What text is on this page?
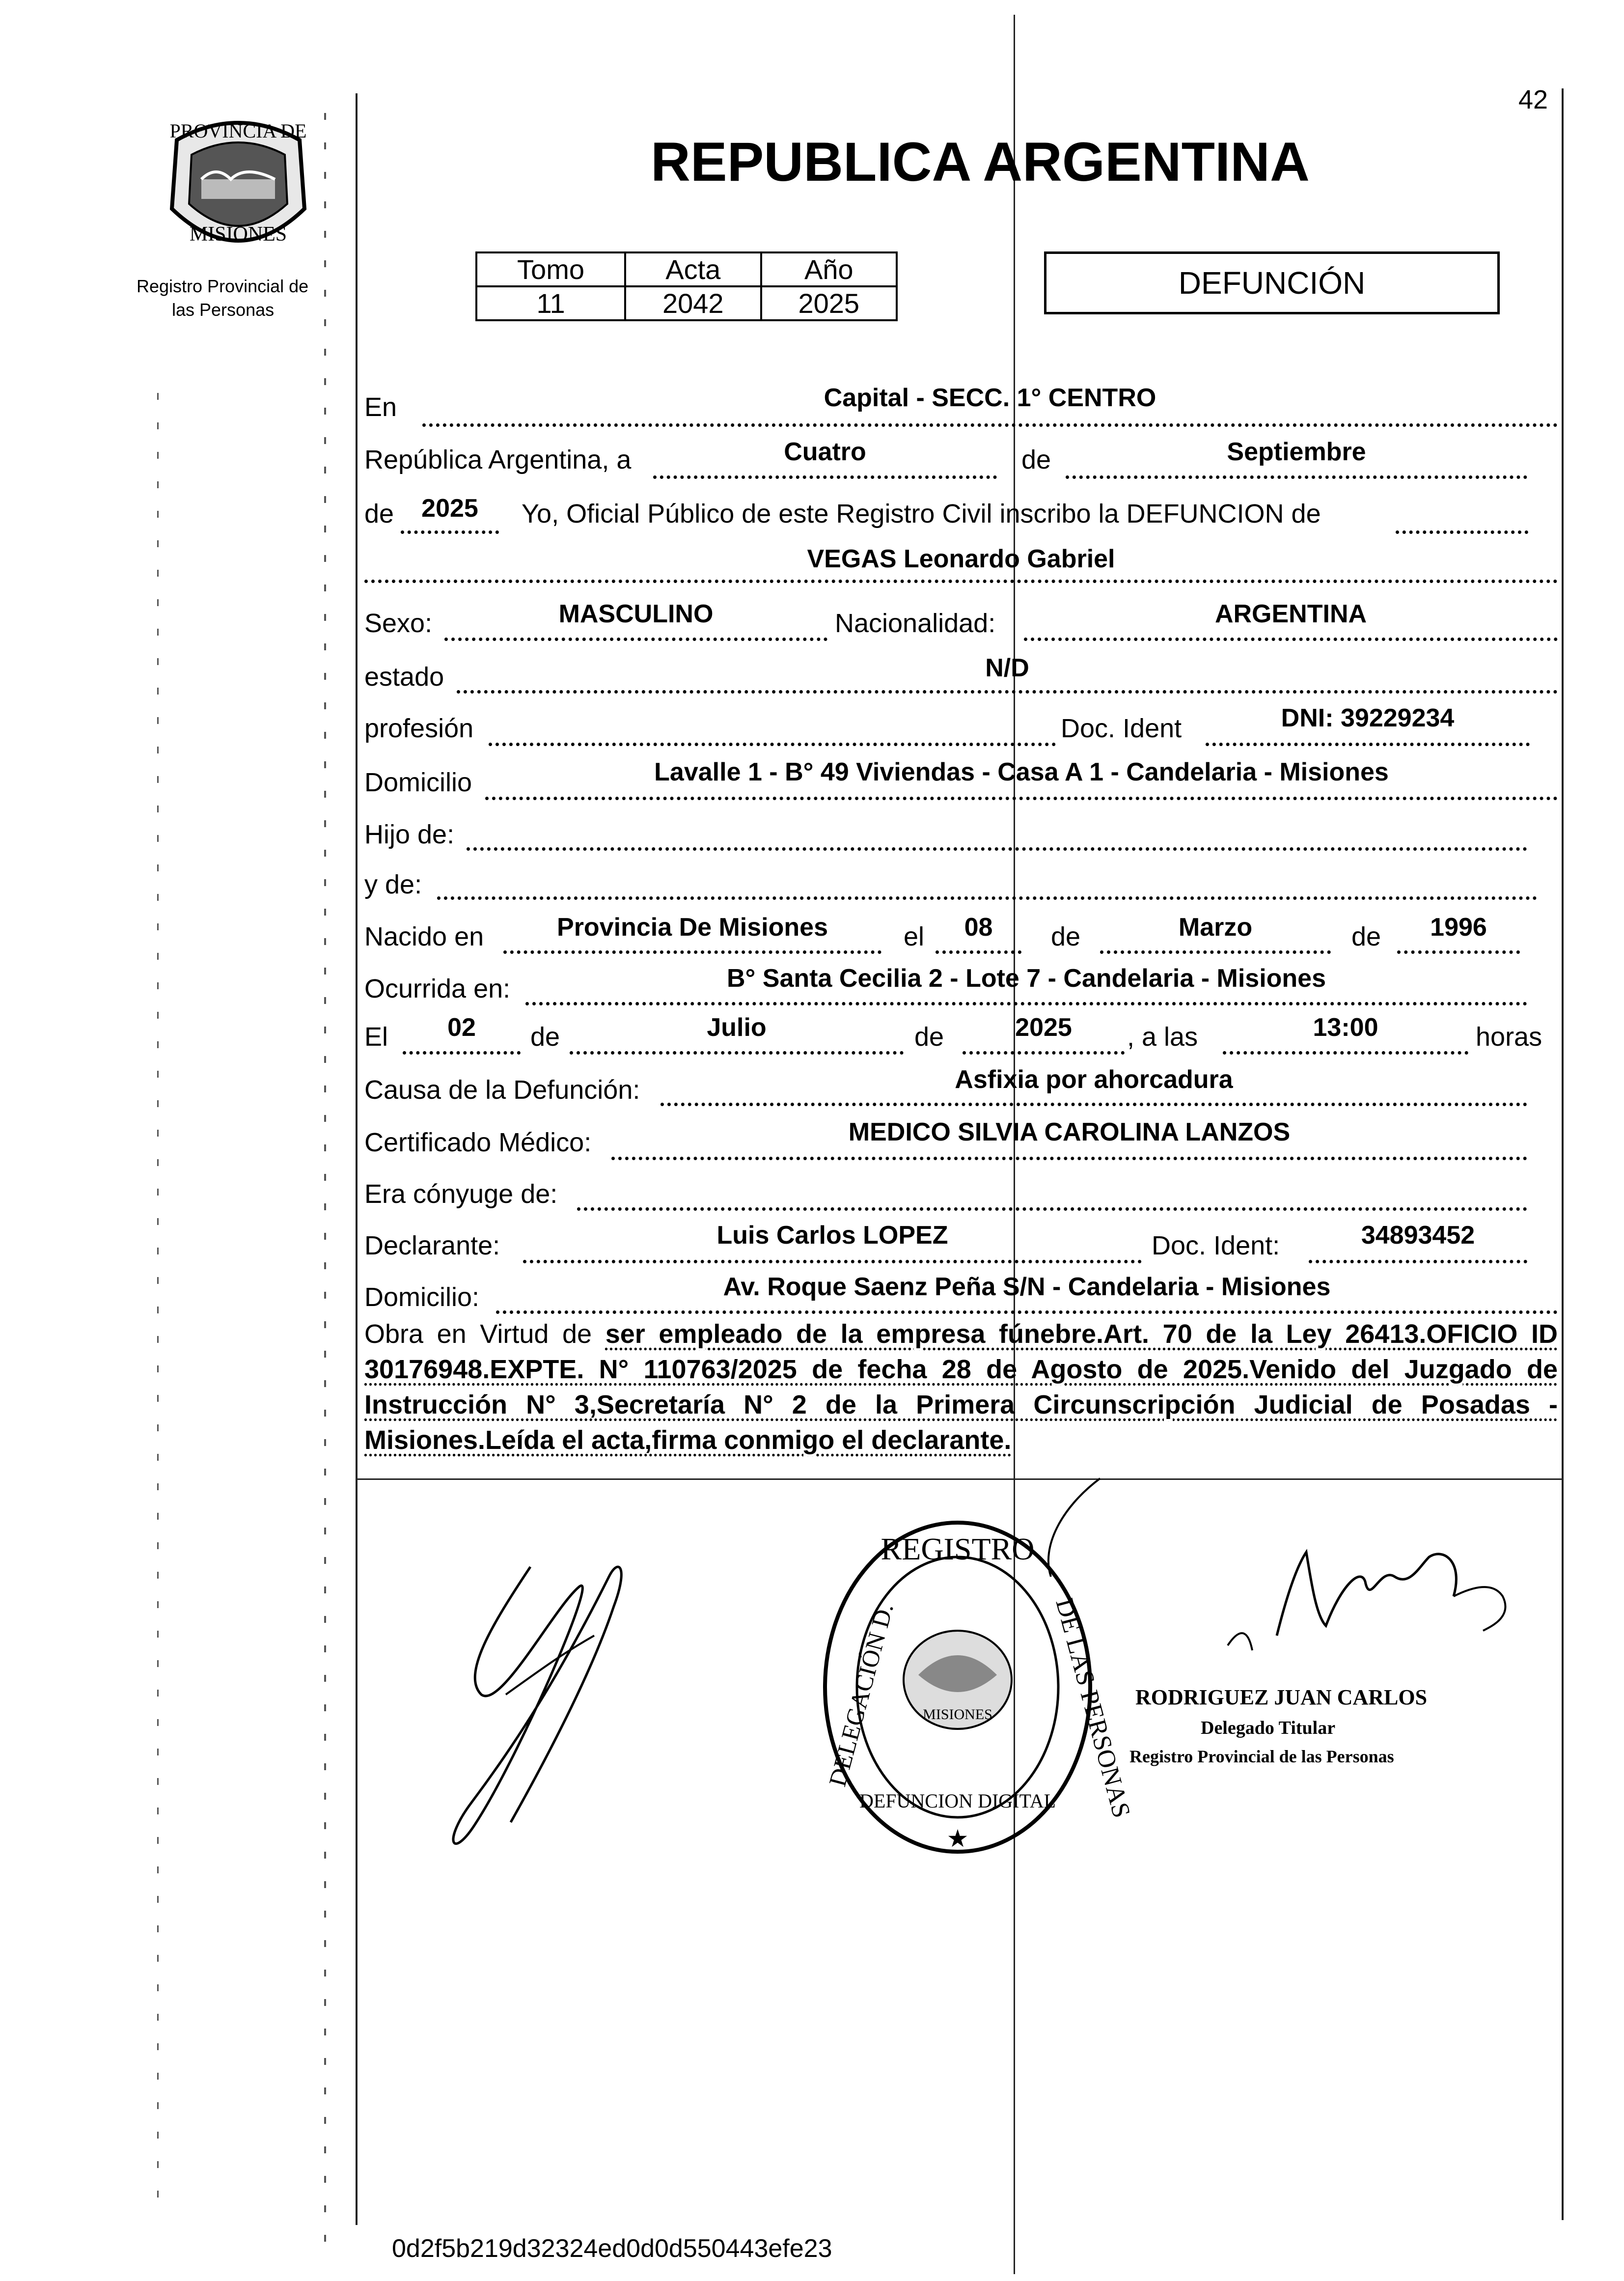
42
PROVINCIA DE
MISIONES
Registro Provincial de
las Personas
REPUBLICA ARGENTINA
Tomo	Acta	Año
11	2042	2025
DEFUNCIÓN
En	Capital - SECC. 1° CENTRO
República Argentina, a	Cuatro	de	Septiembre
de	2025	Yo, Oficial Público de este Registro Civil inscribo la DEFUNCION de
VEGAS Leonardo Gabriel
Sexo:	MASCULINO	Nacionalidad:	ARGENTINA
estado	N/D
profesión	Doc. Ident	DNI: 39229234
Domicilio	Lavalle 1 - B° 49 Viviendas - Casa A 1 - Candelaria - Misiones
Hijo de:
y de:
Nacido en	Provincia De Misiones	el	08	de	Marzo	de	1996
Ocurrida en:	B° Santa Cecilia 2 - Lote 7 - Candelaria - Misiones
El	02	de	Julio	de	2025	, a las	13:00	horas
Causa de la Defunción:	Asfixia por ahorcadura
Certificado Médico:	MEDICO SILVIA CAROLINA LANZOS
Era cónyuge de:
Declarante:	Luis Carlos LOPEZ	Doc. Ident:	34893452
Domicilio:	Av. Roque Saenz Peña S/N - Candelaria - Misiones
Obra en Virtud de ser empleado de la empresa fúnebre.Art. 70 de la Ley 26413.OFICIO ID 30176948.EXPTE. N° 110763/2025 de fecha 28 de Agosto de 2025.Venido del Juzgado de Instrucción N° 3,Secretaría N° 2 de la Primera Circunscripción Judicial de Posadas - Misiones.Leída el acta,firma conmigo el declarante.
REGISTRO
MISIONES
DELEGACIÓN D.	DE LAS PERSONAS
DEFUNCION DIGITAL
★
RODRIGUEZ JUAN CARLOS
Delegado Titular
Registro Provincial de las Personas
0d2f5b219d32324ed0d0d550443efe23
